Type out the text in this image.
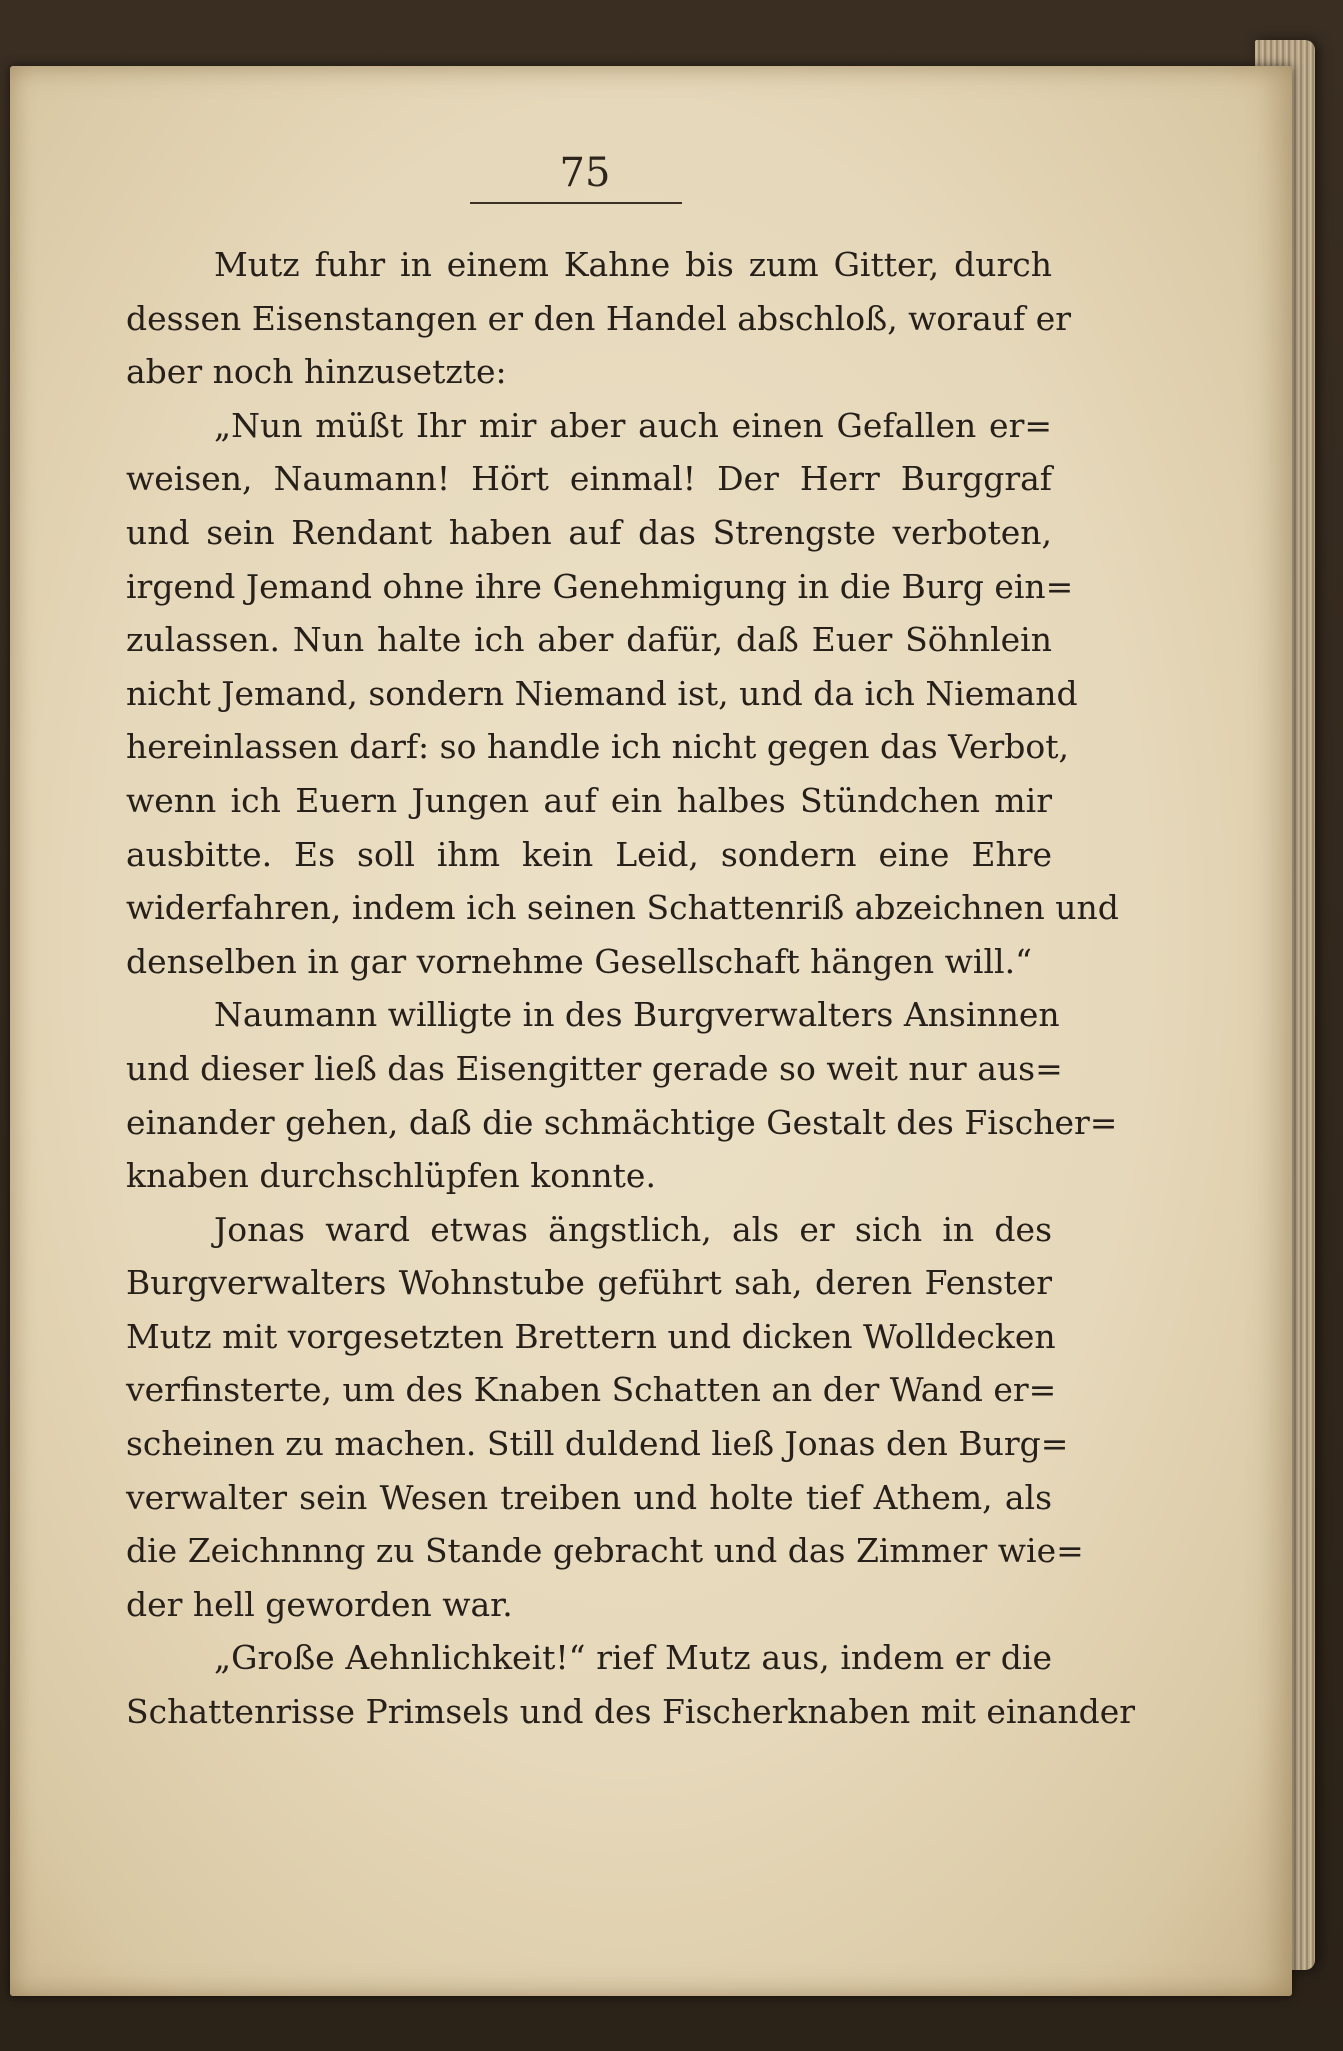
75
Mutz fuhr in einem Kahne bis zum Gitter, durch
dessen Eisenstangen er den Handel abschloß, worauf er
aber noch hinzusetzte:
„Nun müßt Ihr mir aber auch einen Gefallen er=
weisen, Naumann! Hört einmal! Der Herr Burggraf
und sein Rendant haben auf das Strengste verboten,
irgend Jemand ohne ihre Genehmigung in die Burg ein=
zulassen. Nun halte ich aber dafür, daß Euer Söhnlein
nicht Jemand, sondern Niemand ist, und da ich Niemand
hereinlassen darf: so handle ich nicht gegen das Verbot,
wenn ich Euern Jungen auf ein halbes Stündchen mir
ausbitte. Es soll ihm kein Leid, sondern eine Ehre
widerfahren, indem ich seinen Schattenriß abzeichnen und
denselben in gar vornehme Gesellschaft hängen will.“
Naumann willigte in des Burgverwalters Ansinnen
und dieser ließ das Eisengitter gerade so weit nur aus=
einander gehen, daß die schmächtige Gestalt des Fischer=
knaben durchschlüpfen konnte.
Jonas ward etwas ängstlich, als er sich in des
Burgverwalters Wohnstube geführt sah, deren Fenster
Mutz mit vorgesetzten Brettern und dicken Wolldecken
verfinsterte, um des Knaben Schatten an der Wand er=
scheinen zu machen. Still duldend ließ Jonas den Burg=
verwalter sein Wesen treiben und holte tief Athem, als
die Zeichnnng zu Stande gebracht und das Zimmer wie=
der hell geworden war.
„Große Aehnlichkeit!“ rief Mutz aus, indem er die
Schattenrisse Primsels und des Fischerknaben mit einander
